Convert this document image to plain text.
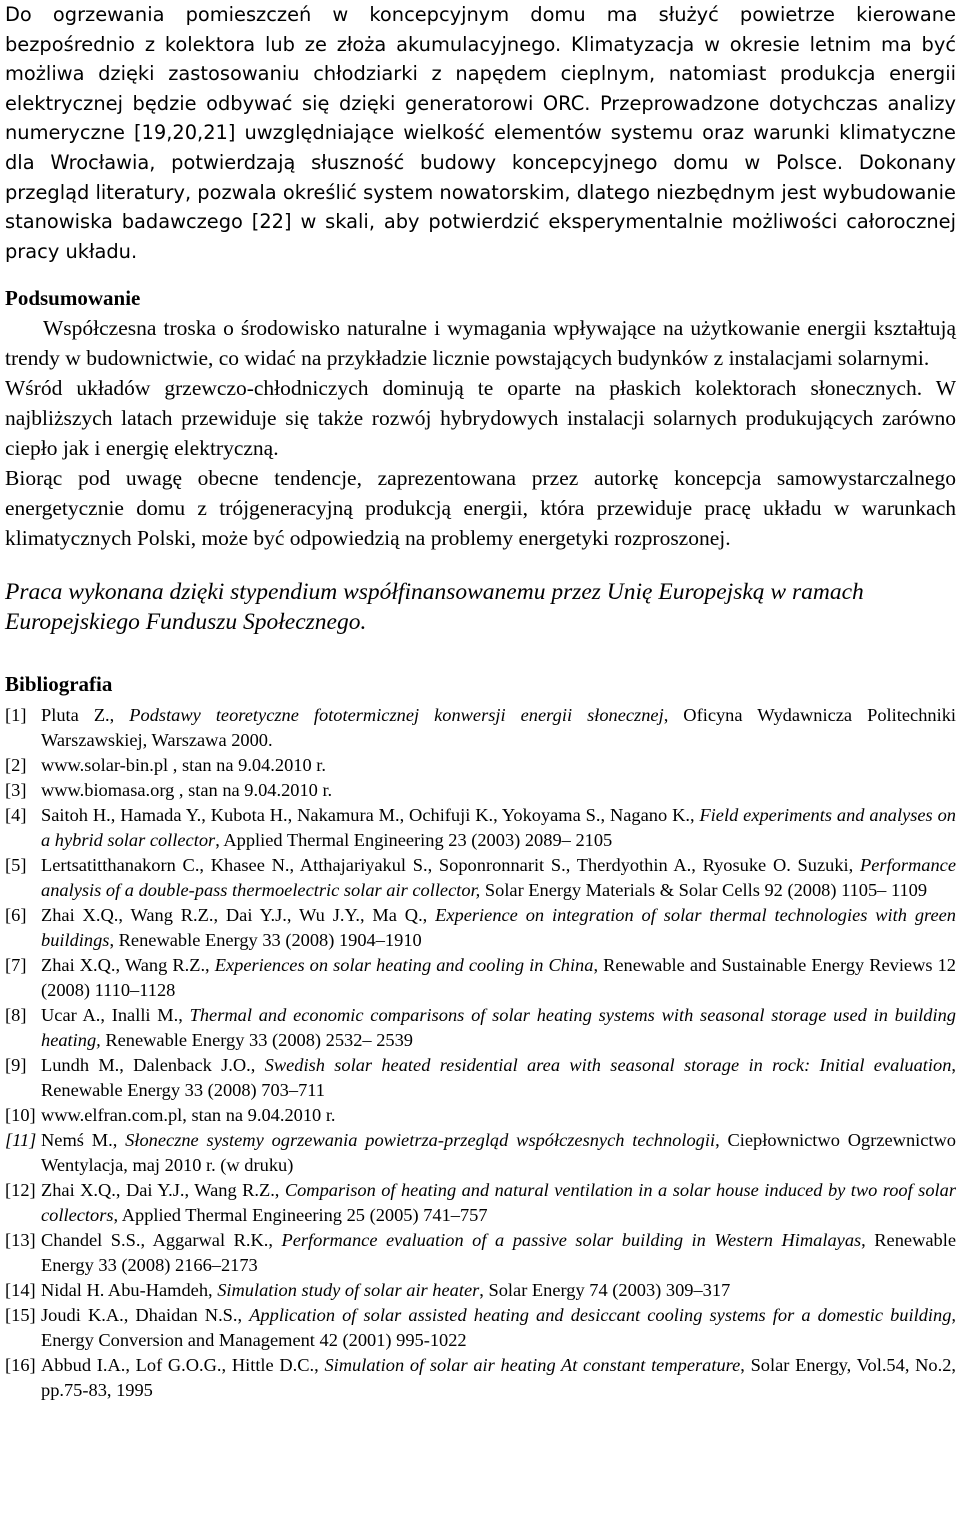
Do ogrzewania pomieszczeń w koncepcyjnym domu ma służyć powietrze kierowane bezpośrednio z kolektora lub ze złoża akumulacyjnego. Klimatyzacja w okresie letnim ma być możliwa dzięki zastosowaniu chłodziarki z napędem cieplnym, natomiast produkcja energii elektrycznej będzie odbywać się dzięki generatorowi ORC. Przeprowadzone dotychczas analizy numeryczne [19,20,21] uwzględniające wielkość elementów systemu oraz warunki klimatyczne dla Wrocławia, potwierdzają słuszność budowy koncepcyjnego domu w Polsce. Dokonany przegląd literatury, pozwala określić system nowatorskim, dlatego niezbędnym jest wybudowanie stanowiska badawczego [22] w skali, aby potwierdzić eksperymentalnie możliwości całorocznej pracy układu.

Podsumowanie

Współczesna troska o środowisko naturalne i wymagania wpływające na użytkowanie energii kształtują trendy w budownictwie, co widać na przykładzie licznie powstających budynków z instalacjami solarnymi.

Wśród układów grzewczo-chłodniczych dominują te oparte na płaskich kolektorach słonecznych. W najbliższych latach przewiduje się także rozwój hybrydowych instalacji solarnych produkujących zarówno ciepło jak i energię elektryczną.

Biorąc pod uwagę obecne tendencje, zaprezentowana przez autorkę koncepcja samowystarczalnego energetycznie domu z trójgeneracyjną produkcją energii, która przewiduje pracę układu w warunkach klimatycznych Polski, może być odpowiedzią na problemy energetyki rozproszonej.

Praca wykonana dzięki stypendium współfinansowanemu przez Unię Europejską w ramach Europejskiego Funduszu Społecznego.

Bibliografia
[1] Pluta Z., Podstawy teoretyczne fototermicznej konwersji energii słonecznej, Oficyna Wydawnicza Politechniki Warszawskiej, Warszawa 2000.
[2] www.solar-bin.pl , stan na 9.04.2010 r.
[3] www.biomasa.org , stan na 9.04.2010 r.
[4] Saitoh H., Hamada Y., Kubota H., Nakamura M., Ochifuji K., Yokoyama S., Nagano K., Field experiments and analyses on a hybrid solar collector, Applied Thermal Engineering 23 (2003) 2089– 2105
[5] Lertsatitthanakorn C., Khasee N., Atthajariyakul S., Soponronnarit S., Therdyothin A., Ryosuke O. Suzuki, Performance analysis of a double-pass thermoelectric solar air collector, Solar Energy Materials & Solar Cells 92 (2008) 1105– 1109
[6] Zhai X.Q., Wang R.Z., Dai Y.J., Wu J.Y., Ma Q., Experience on integration of solar thermal technologies with green buildings, Renewable Energy 33 (2008) 1904–1910
[7] Zhai X.Q., Wang R.Z., Experiences on solar heating and cooling in China, Renewable and Sustainable Energy Reviews 12 (2008) 1110–1128
[8] Ucar A., Inalli M., Thermal and economic comparisons of solar heating systems with seasonal storage used in building heating, Renewable Energy 33 (2008) 2532– 2539
[9] Lundh M., Dalenback J.O., Swedish solar heated residential area with seasonal storage in rock: Initial evaluation, Renewable Energy 33 (2008) 703–711
[10] www.elfran.com.pl, stan na 9.04.2010 r.
[11] Nemś M., Słoneczne systemy ogrzewania powietrza-przegląd współczesnych technologii, Ciepłownictwo Ogrzewnictwo Wentylacja, maj 2010 r. (w druku)
[12] Zhai X.Q., Dai Y.J., Wang R.Z., Comparison of heating and natural ventilation in a solar house induced by two roof solar collectors, Applied Thermal Engineering 25 (2005) 741–757
[13] Chandel S.S., Aggarwal R.K., Performance evaluation of a passive solar building in Western Himalayas, Renewable Energy 33 (2008) 2166–2173
[14] Nidal H. Abu-Hamdeh, Simulation study of solar air heater, Solar Energy 74 (2003) 309–317
[15] Joudi K.A., Dhaidan N.S., Application of solar assisted heating and desiccant cooling systems for a domestic building, Energy Conversion and Management 42 (2001) 995-1022
[16] Abbud I.A., Lof G.O.G., Hittle D.C., Simulation of solar air heating At constant temperature, Solar Energy, Vol.54, No.2, pp.75-83, 1995
